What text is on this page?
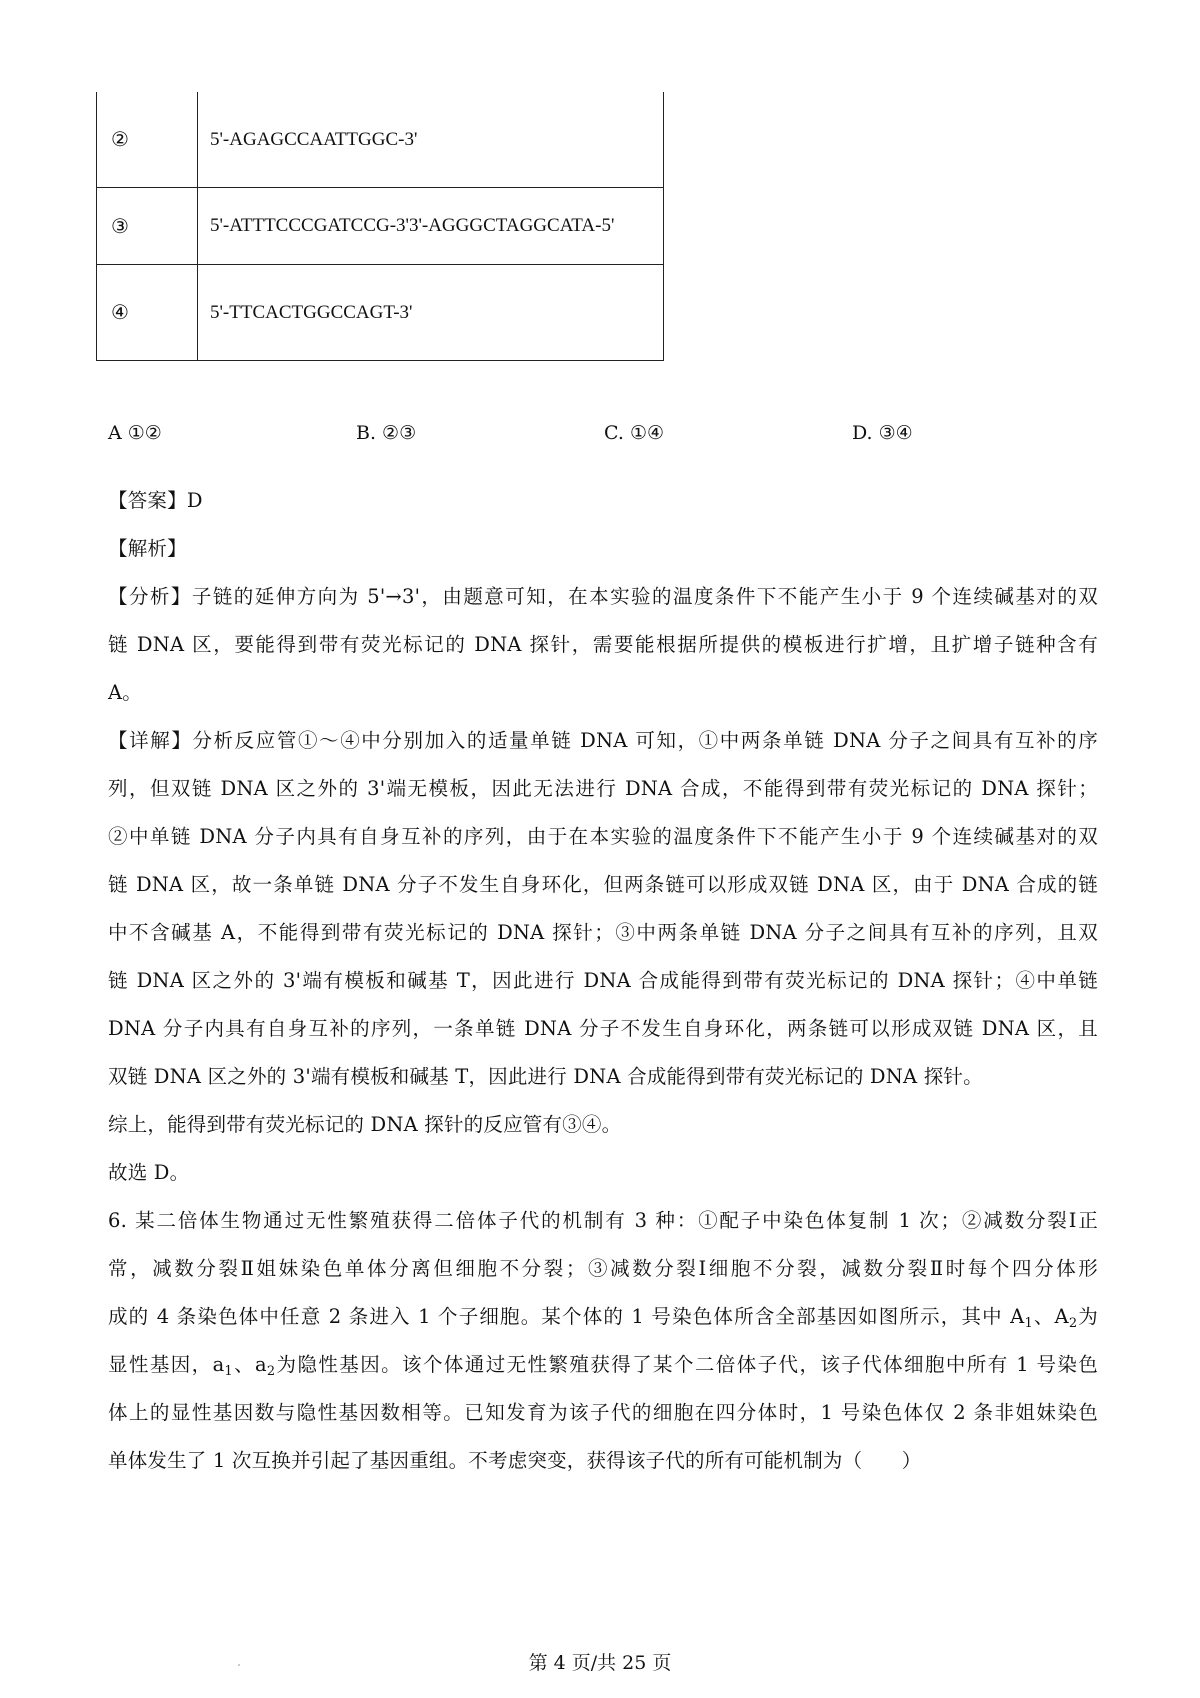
②	5'-AGAGCCAATTGGC-3'
③	5'-ATTTCCCGATCCG-3'3'-AGGGCTAGGCATA-5'
④	5'-TTCACTGGCCAGT-3'
A ①②	B. ②③	C. ①④	D. ③④
【答案】D
【解析】
【分析】子链的延伸方向为 5'→3'，由题意可知，在本实验的温度条件下不能产生小于 9 个连续碱基对的双
链 DNA 区，要能得到带有荧光标记的 DNA 探针，需要能根据所提供的模板进行扩增，且扩增子链种含有
A。
【详解】分析反应管①～④中分别加入的适量单链 DNA 可知，①中两条单链 DNA 分子之间具有互补的序
列，但双链 DNA 区之外的 3'端无模板，因此无法进行 DNA 合成，不能得到带有荧光标记的 DNA 探针；
②中单链 DNA 分子内具有自身互补的序列，由于在本实验的温度条件下不能产生小于 9 个连续碱基对的双
链 DNA 区，故一条单链 DNA 分子不发生自身环化，但两条链可以形成双链 DNA 区，由于 DNA 合成的链
中不含碱基 A，不能得到带有荧光标记的 DNA 探针；③中两条单链 DNA 分子之间具有互补的序列，且双
链 DNA 区之外的 3'端有模板和碱基 T，因此进行 DNA 合成能得到带有荧光标记的 DNA 探针；④中单链
DNA 分子内具有自身互补的序列，一条单链 DNA 分子不发生自身环化，两条链可以形成双链 DNA 区，且
双链 DNA 区之外的 3'端有模板和碱基 T，因此进行 DNA 合成能得到带有荧光标记的 DNA 探针。
综上，能得到带有荧光标记的 DNA 探针的反应管有③④。
故选 D。
6. 某二倍体生物通过无性繁殖获得二倍体子代的机制有 3 种：①配子中染色体复制 1 次；②减数分裂Ⅰ正
常，减数分裂Ⅱ姐妹染色单体分离但细胞不分裂；③减数分裂Ⅰ细胞不分裂，减数分裂Ⅱ时每个四分体形
成的 4 条染色体中任意 2 条进入 1 个子细胞。某个体的 1 号染色体所含全部基因如图所示，其中 $A_1$、$A_2$为
显性基因，$a_1$、$a_2$为隐性基因。该个体通过无性繁殖获得了某个二倍体子代，该子代体细胞中所有 1 号染色
体上的显性基因数与隐性基因数相等。已知发育为该子代的细胞在四分体时，1 号染色体仅 2 条非姐妹染色
单体发生了 1 次互换并引起了基因重组。不考虑突变，获得该子代的所有可能机制为（　　）
第 4 页/共 25 页
